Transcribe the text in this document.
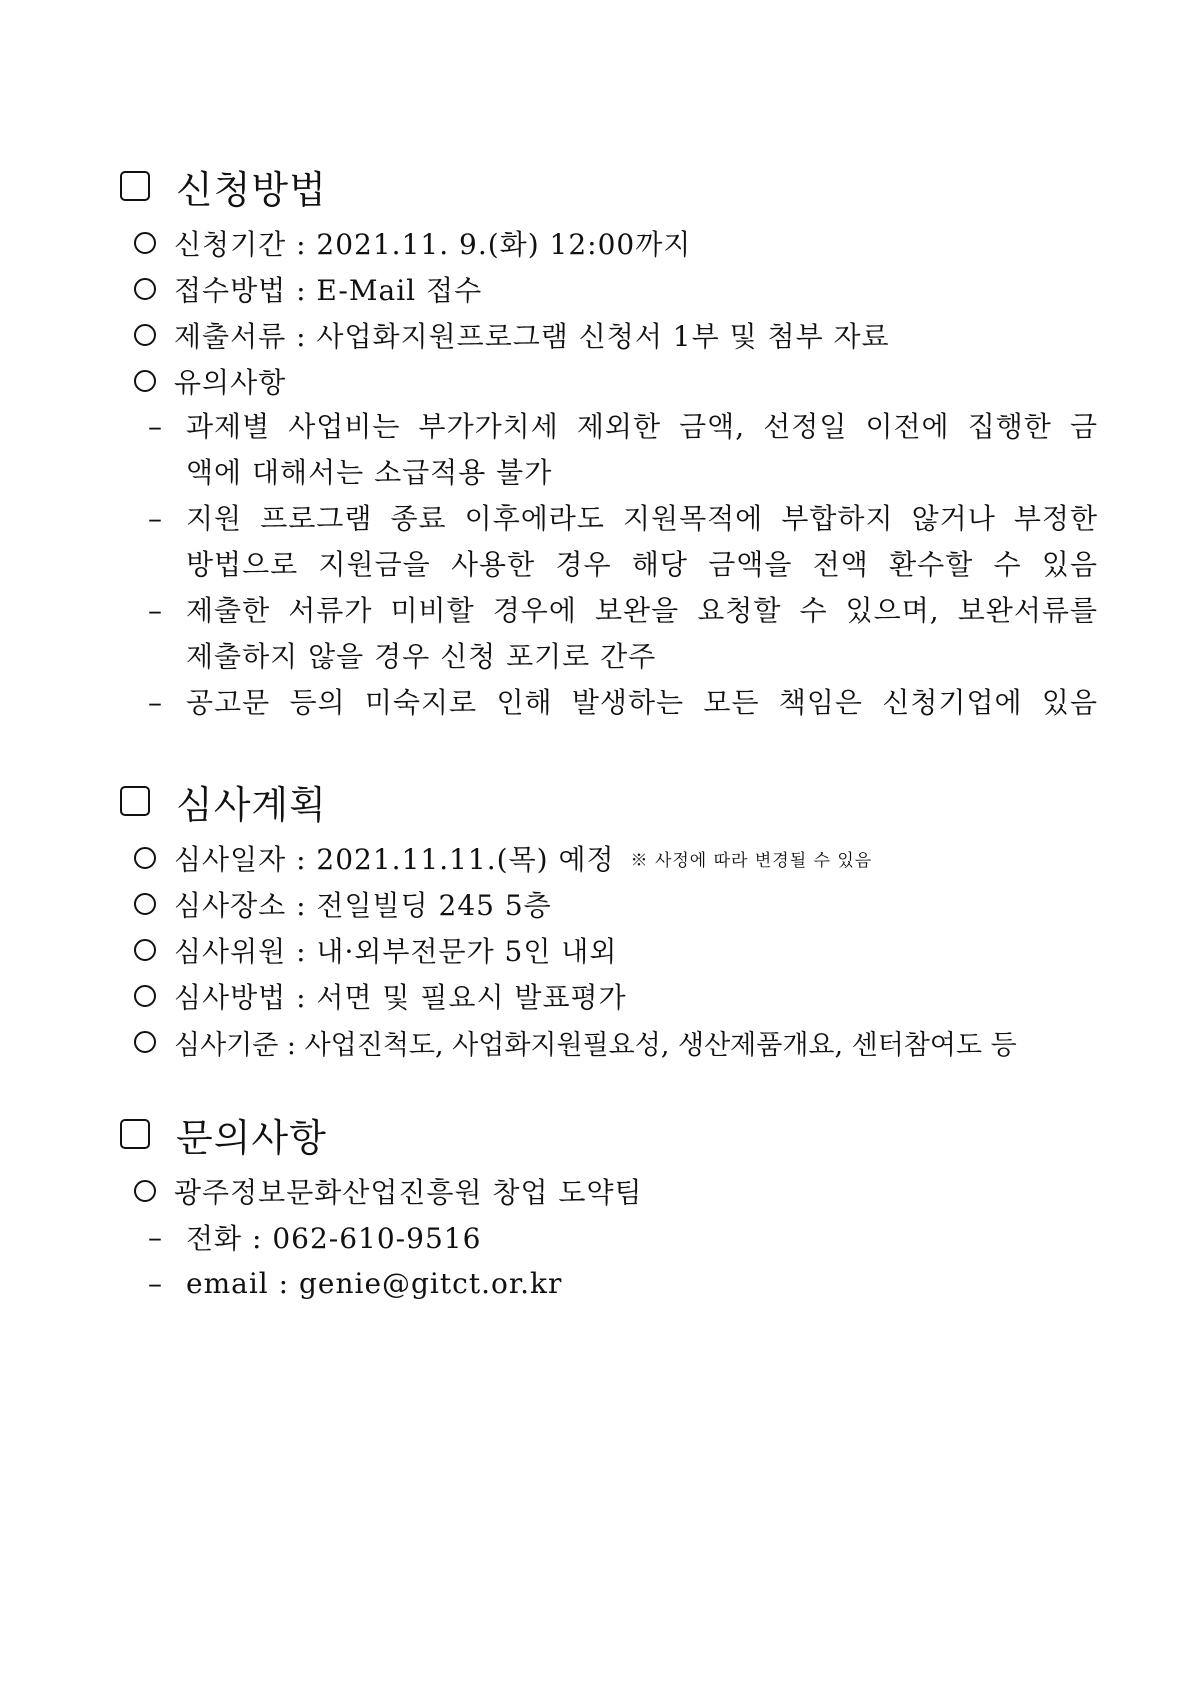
신청방법
신청기간 : 2021.11. 9.(화) 12:00까지
접수방법 : E-Mail 접수
제출서류 : 사업화지원프로그램 신청서 1부 및 첨부 자료
유의사항
– 과제별 사업비는 부가가치세 제외한 금액, 선정일 이전에 집행한 금
액에 대해서는 소급적용 불가
– 지원 프로그램 종료 이후에라도 지원목적에 부합하지 않거나 부정한
방법으로 지원금을 사용한 경우 해당 금액을 전액 환수할 수 있음
– 제출한 서류가 미비할 경우에 보완을 요청할 수 있으며, 보완서류를
제출하지 않을 경우 신청 포기로 간주
– 공고문 등의 미숙지로 인해 발생하는 모든 책임은 신청기업에 있음
심사계획
심사일자 : 2021.11.11.(목) 예정 ※ 사정에 따라 변경될 수 있음
심사장소 : 전일빌딩 245 5층
심사위원 : 내·외부전문가 5인 내외
심사방법 : 서면 및 필요시 발표평가
심사기준 : 사업진척도, 사업화지원필요성, 생산제품개요, 센터참여도 등
문의사항
광주정보문화산업진흥원 창업 도약팀
– 전화 : 062-610-9516
– email : genie@gitct.or.kr
